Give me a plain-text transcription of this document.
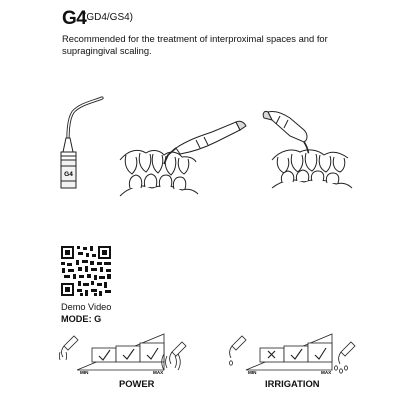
G4
(GD4/GS4)
Recommended for the treatment of interproximal spaces and for supragingival scaling.
G4
MIN	MAX	MIN	MAX
Demo Video
MODE: G
POWER	IRRIGATION
